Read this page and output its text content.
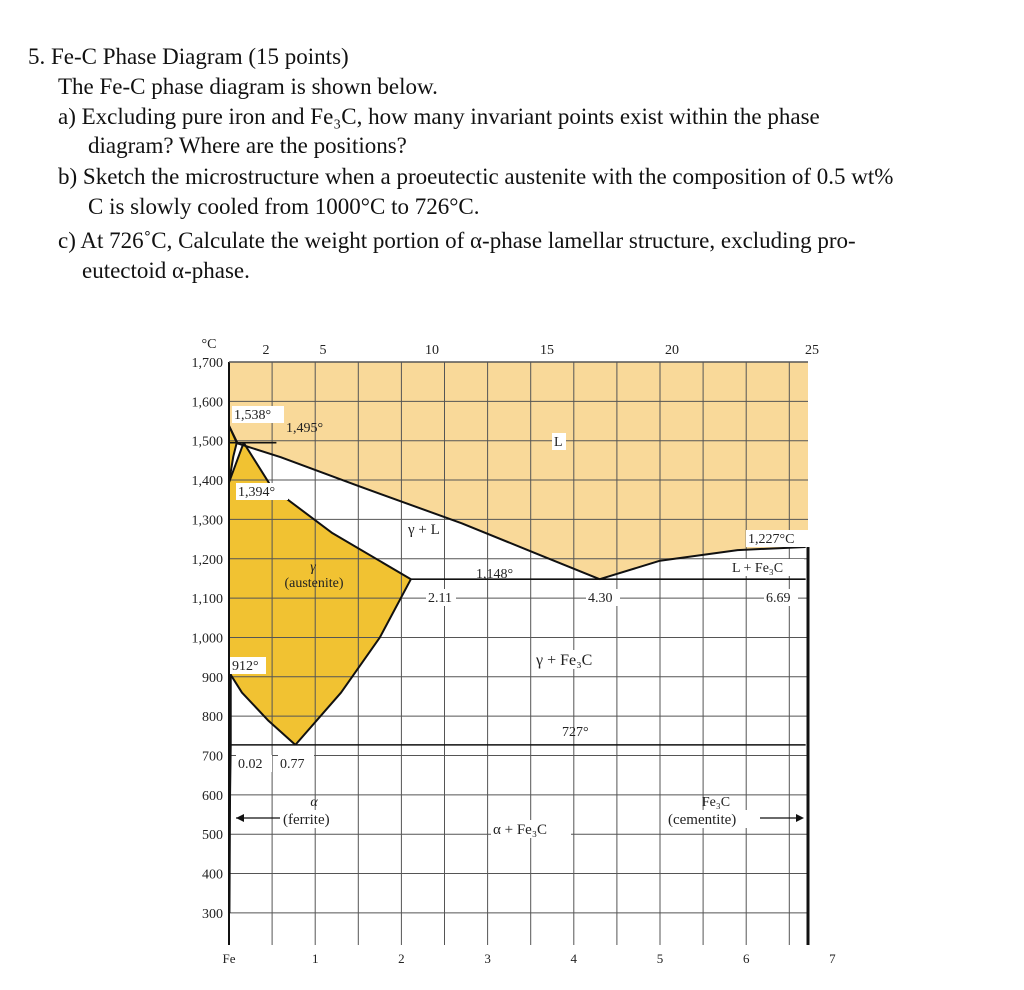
5. Fe-C Phase Diagram (15 points)
The Fe-C phase diagram is shown below.
a) Excluding pure iron and Fe₃C, how many invariant points exist within the phase
diagram? Where are the positions?
b) Sketch the microstructure when a proeutectic austenite with the composition of 0.5 wt%
C is slowly cooled from 1000°C to 726°C.
c) At 726˚C, Calculate the weight portion of α-phase lamellar structure, excluding pro-
eutectoid α-phase.
1,700
1,600
1,500
1,400
1,300
1,200
1,100
1,000
900
800
700
600
500
400
300
°C	2	5	10	15	20	25
Fe	1	2	3	4	5	6	7
1,538°
1,495°
1,394°
1,148°
1,227°C
912°
727°
2.11	4.30	6.69
0.02 0.77
L
γ + L
γ
(austenite)
γ + Fe₃C
L + Fe₃C
α
(ferrite)
α + Fe₃C
Fe₃C
(cementite)
